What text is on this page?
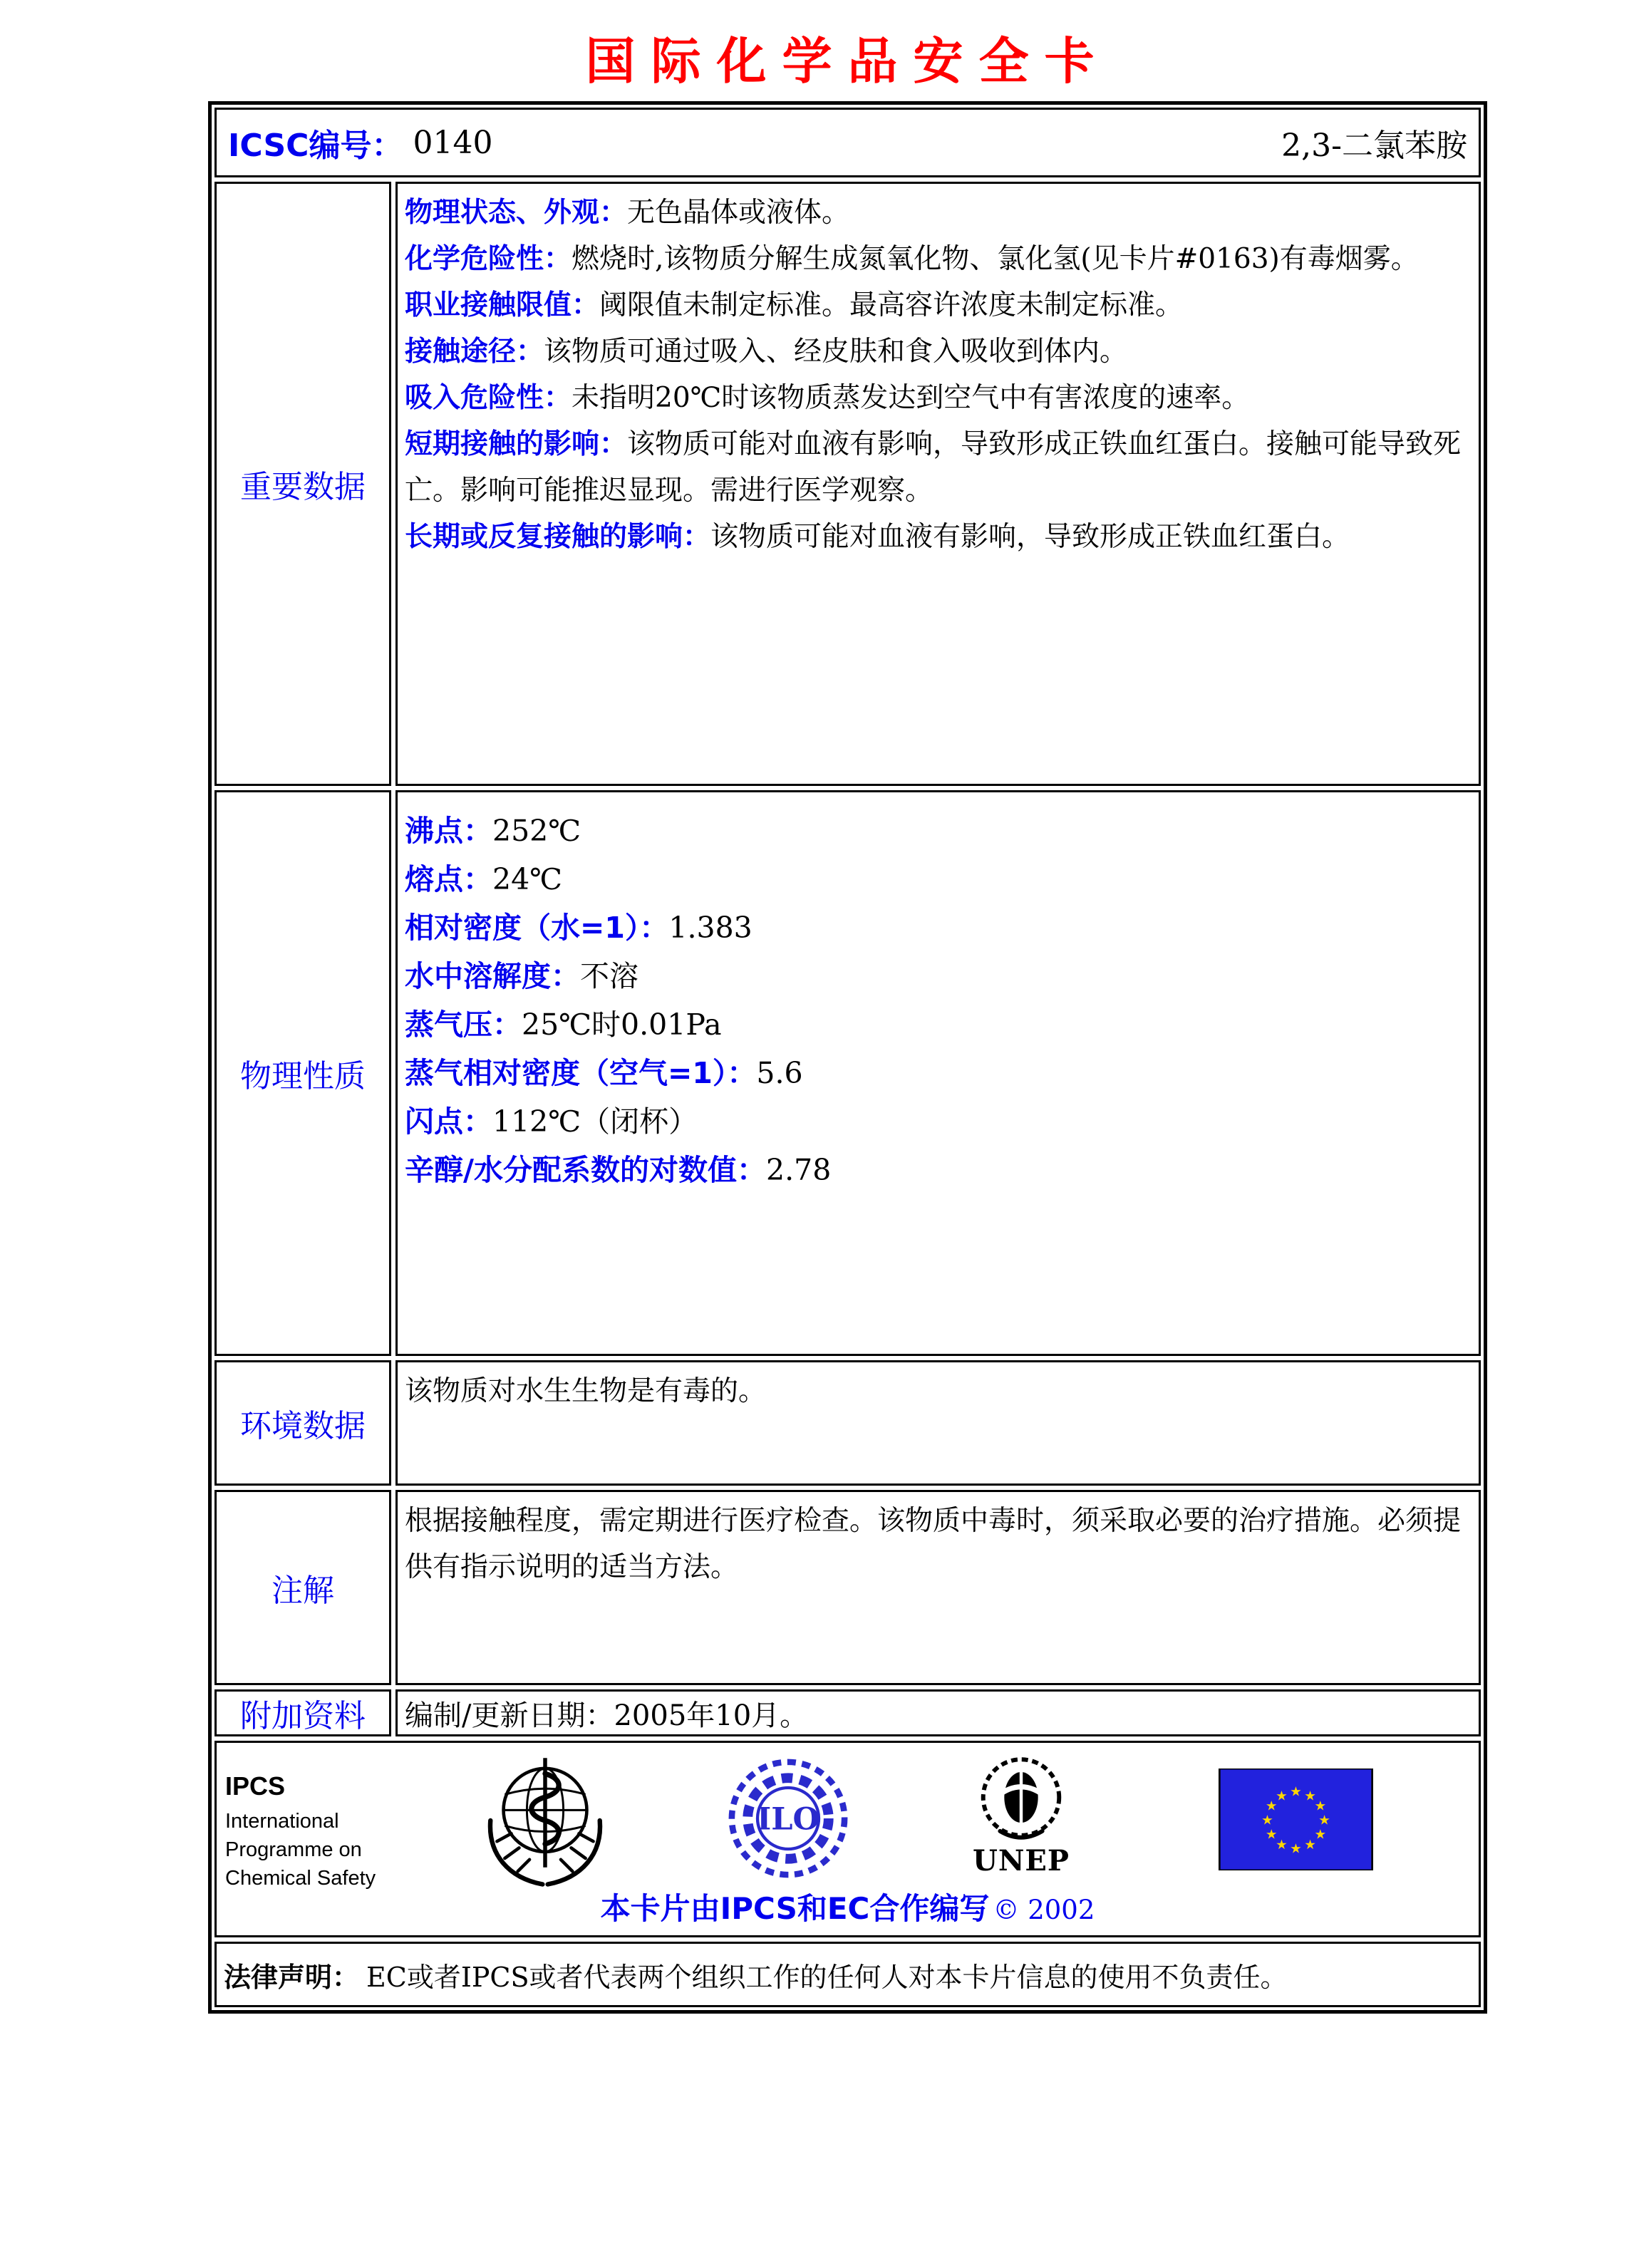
国际化学品安全卡
ICSC编号： 0140	2,3-二氯苯胺
重要数据

物理状态、外观：无色晶体或液体。

化学危险性：燃烧时,该物质分解生成氮氧化物、氯化氢(见卡片#0163)有毒烟雾。

职业接触限值：阈限值未制定标准。最高容许浓度未制定标准。

接触途径：该物质可通过吸入、经皮肤和食入吸收到体内。

吸入危险性：未指明20℃时该物质蒸发达到空气中有害浓度的速率。

短期接触的影响：该物质可能对血液有影响，导致形成正铁血红蛋白。接触可能导致死亡。影响可能推迟显现。需进行医学观察。

长期或反复接触的影响：该物质可能对血液有影响，导致形成正铁血红蛋白。

物理性质

沸点：252℃

熔点：24℃

相对密度（水=1）：1.383

水中溶解度：不溶

蒸气压：25℃时0.01Pa

蒸气相对密度（空气=1）：5.6

闪点：112℃（闭杯）

辛醇/水分配系数的对数值：2.78

环境数据

该物质对水生生物是有毒的。

注解

根据接触程度，需定期进行医疗检查。该物质中毒时，须采取必要的治疗措施。必须提供有指示说明的适当方法。

附加资料	编制/更新日期： 2005年10月。
IPCS
International
Programme on
Chemical Safety
ILO
UNEP
★ ★
★
★
★
★
★
★
★
★
★
★
本卡片由IPCS和EC合作编写 © 2002
法律声明： EC或者IPCS或者代表两个组织工作的任何人对本卡片信息的使用不负责任。
